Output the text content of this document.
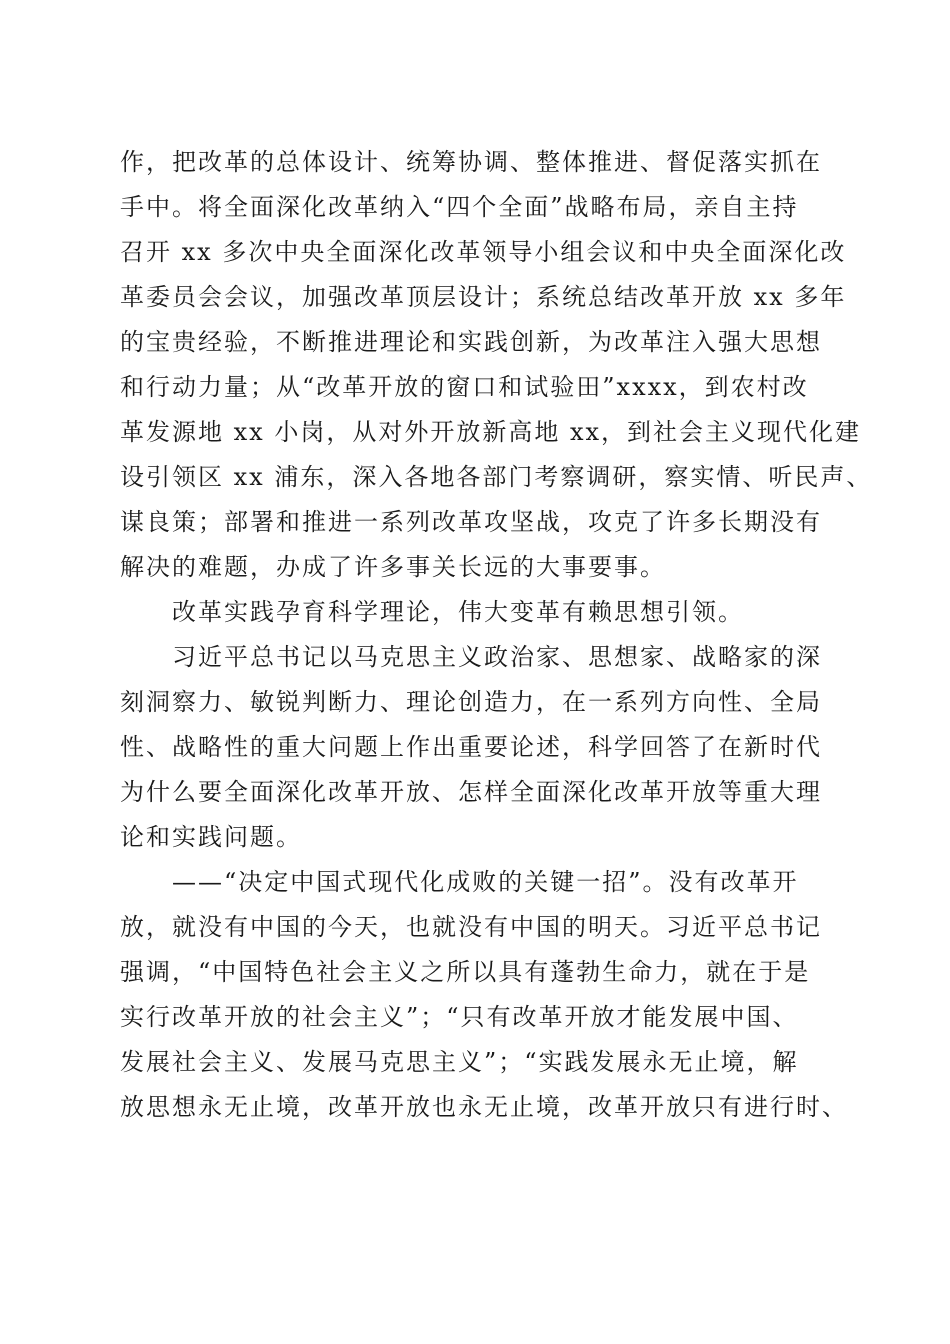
作，把改革的总体设计、统筹协调、整体推进、督促落实抓在
手中。将全面深化改革纳入“四个全面”战略布局，亲自主持
召开 xx 多次中央全面深化改革领导小组会议和中央全面深化改
革委员会会议，加强改革顶层设计；系统总结改革开放 xx 多年
的宝贵经验，不断推进理论和实践创新，为改革注入强大思想
和行动力量；从“改革开放的窗口和试验田”xxxx，到农村改
革发源地 xx 小岗，从对外开放新高地 xx，到社会主义现代化建
设引领区 xx 浦东，深入各地各部门考察调研，察实情、听民声、
谋良策；部署和推进一系列改革攻坚战，攻克了许多长期没有
解决的难题，办成了许多事关长远的大事要事。
改革实践孕育科学理论，伟大变革有赖思想引领。
习近平总书记以马克思主义政治家、思想家、战略家的深
刻洞察力、敏锐判断力、理论创造力，在一系列方向性、全局
性、战略性的重大问题上作出重要论述，科学回答了在新时代
为什么要全面深化改革开放、怎样全面深化改革开放等重大理
论和实践问题。
——“决定中国式现代化成败的关键一招”。没有改革开
放，就没有中国的今天，也就没有中国的明天。习近平总书记
强调，“中国特色社会主义之所以具有蓬勃生命力，就在于是
实行改革开放的社会主义”；“只有改革开放才能发展中国、
发展社会主义、发展马克思主义”；“实践发展永无止境，解
放思想永无止境，改革开放也永无止境，改革开放只有进行时、
